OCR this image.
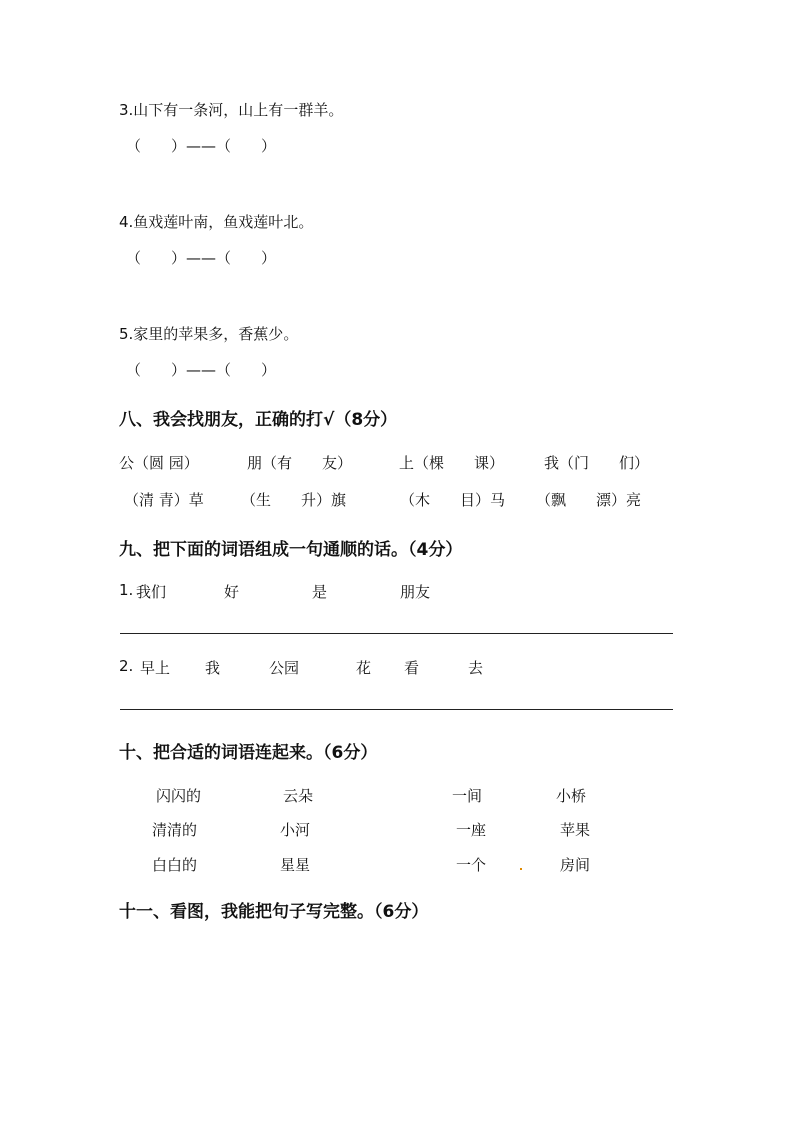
3.山下有一条河，山上有一群羊。
（　　）——（　　）
4.鱼戏莲叶南，鱼戏莲叶北。
（　　）——（　　）
5.家里的苹果多，香蕉少。
（　　）——（　　）
八、我会找朋友，正确的打√（8分）
公（圆 园）	朋（有　　友）	上（棵　　课）	我（门　　们）
（清 青）草 （生　　升）旗	（木　　目）马 （飘　　漂）亮
九、把下面的词语组成一句通顺的话。（4分）
1. 我们	好	是	朋友
2. 早上 我	公园	花 看	去
十、把合适的词语连起来。（6分）
闪闪的	云朵	一间	小桥
清清的	小河	一座	苹果
白白的	星星	一个	房间
十一、看图，我能把句子写完整。（6分）
